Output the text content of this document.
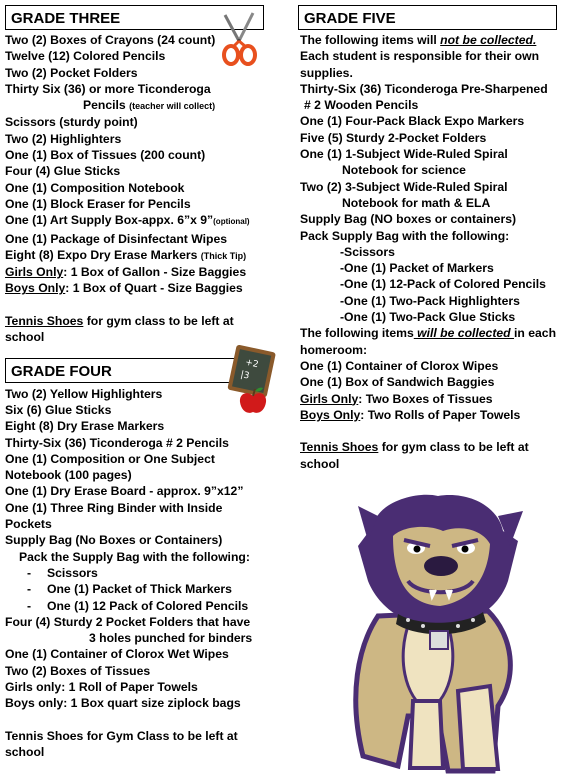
GRADE THREE
Two (2) Boxes of Crayons (24 count)
Twelve (12) Colored Pencils
Two (2) Pocket Folders
Thirty Six (36) or more Ticonderoga
Pencils (teacher will collect)
Scissors (sturdy point)
Two (2) Highlighters
One (1) Box of Tissues (200 count)
Four (4) Glue Sticks
One (1) Composition Notebook
One (1) Block Eraser for Pencils
One (1) Art Supply Box-appx. 6”x 9”(optional)
One (1) Package of Disinfectant Wipes
Eight (8) Expo Dry Erase Markers (Thick Tip)
Girls Only: 1 Box of Gallon - Size Baggies
Boys Only: 1 Box of Quart - Size Baggies
Tennis Shoes for gym class to be left at
school
GRADE FOUR	+2
|3
Two (2) Yellow Highlighters
Six (6) Glue Sticks
Eight (8) Dry Erase Markers
Thirty-Six (36) Ticonderoga # 2 Pencils
One (1) Composition or One Subject
Notebook (100 pages)
One (1) Dry Erase Board - approx. 9”x12”
One (1) Three Ring Binder with Inside
Pockets
Supply Bag (No Boxes or Containers)
Pack the Supply Bag with the following:
- Scissors
- One (1) Packet of Thick Markers
- One (1) 12 Pack of Colored Pencils
Four (4) Sturdy 2 Pocket Folders that have
3 holes punched for binders
One (1) Container of Clorox Wet Wipes
Two (2) Boxes of Tissues
Girls only: 1 Roll of Paper Towels
Boys only: 1 Box quart size ziplock bags
Tennis Shoes for Gym Class to be left at
school
GRADE FIVE
The following items will not be collected.
Each student is responsible for their own
supplies.
Thirty-Six (36) Ticonderoga Pre-Sharpened
# 2 Wooden Pencils
One (1) Four-Pack Black Expo Markers
Five (5) Sturdy 2-Pocket Folders
One (1) 1-Subject Wide-Ruled Spiral
Notebook for science
Two (2) 3-Subject Wide-Ruled Spiral
Notebook for math & ELA
Supply Bag (NO boxes or containers)
Pack Supply Bag with the following:
-Scissors
-One (1) Packet of Markers
-One (1) 12-Pack of Colored Pencils
-One (1) Two-Pack Highlighters
-One (1) Two-Pack Glue Sticks
The following items will be collected in each
homeroom:
One (1) Container of Clorox Wipes
One (1) Box of Sandwich Baggies
Girls Only: Two Boxes of Tissues
Boys Only: Two Rolls of Paper Towels
Tennis Shoes for gym class to be left at
school
